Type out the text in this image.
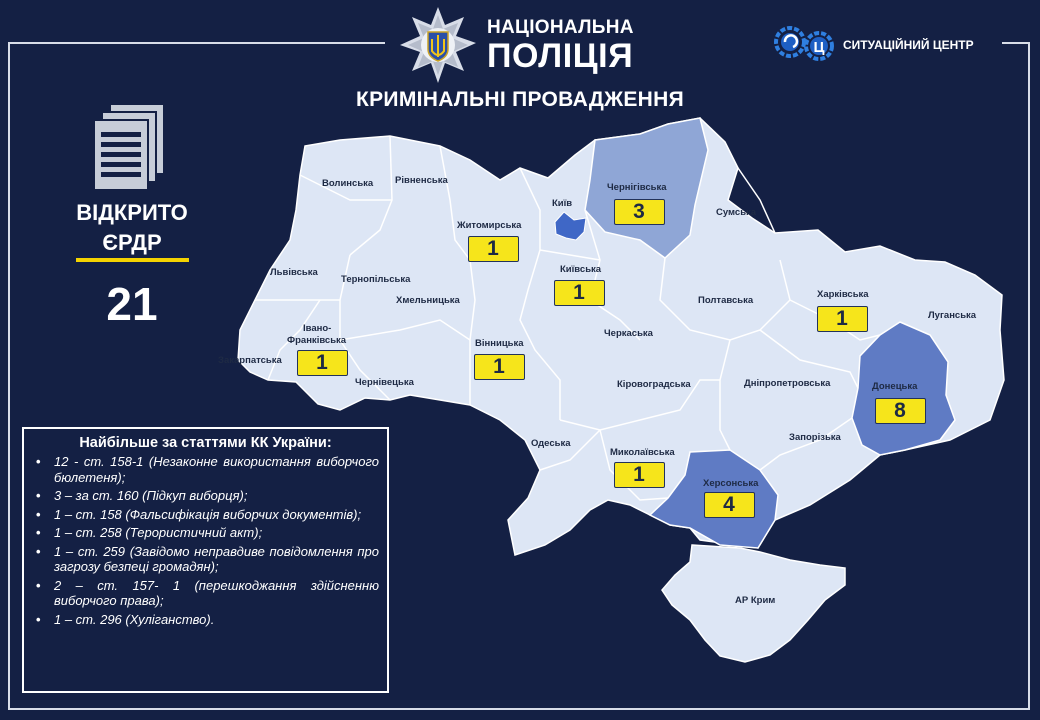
Волинська Рівненська
Житомирська
Київ
Чернігівська
Сумська
Львівська
Тернопільська
Хмельницька
Київська
Полтавська
Харківська
Луганська
Івано-
Франківська
Закарпатська
Чернівецька
Вінницька
Черкаська
Кіровоградська	Дніпропетровська	Донецька
Запорізька
Одеська
Миколаївська
Херсонська
АР Крим
НАЦІОНАЛЬНА
ПОЛІЦІЯ	Ц СИТУАЦІЙНИЙ ЦЕНТР
КРИМІНАЛЬНІ ПРОВАДЖЕННЯ
ВІДКРИТО
ЄРДР
21
3
1
1
1
1	1
8
1
4
Найбільше за статтями КК України:
• 12 - ст. 158-1 (Незаконне використання виборчого бюлетеня);
• 3 – за ст. 160 (Підкуп виборця);
• 1 – ст. 158 (Фальсифікація виборчих документів);
• 1 – ст. 258 (Терористичний акт);
• 1 – ст. 259 (Завідомо неправдиве повідомлення про загрозу безпеці громадян);
• 2 – ст. 157- 1 (перешкоджання здійсненню виборчого права);
• 1 – ст. 296 (Хуліганство).
